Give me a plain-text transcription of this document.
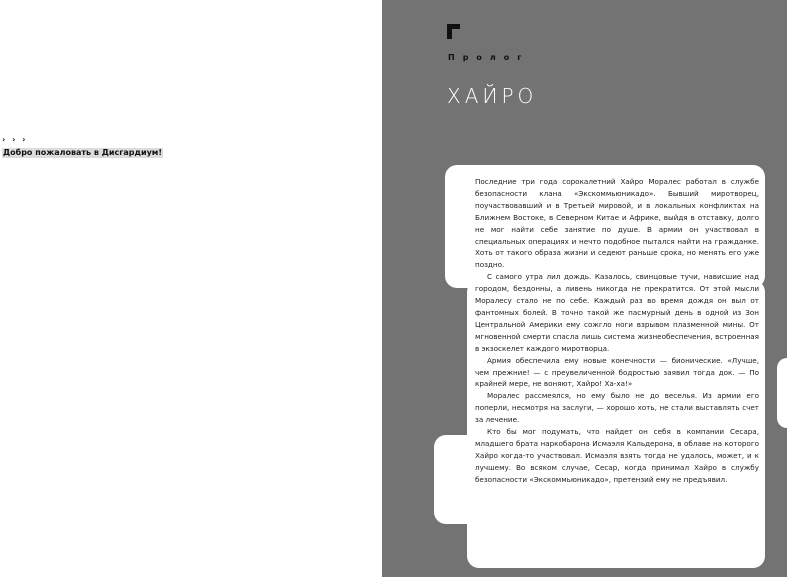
› › ›
Добро пожаловать в Дисгардиум!
Пролог
ХАЙРО

Последние три года сорокалетний Хайро Моралес работал в службе безопасности клана «Экскоммьюникадо». Бывший миротворец, поучаствовавший и в Третьей мировой, и в локальных конфликтах на Ближнем Востоке, в Северном Китае и Африке, выйдя в отставку, долго не мог найти себе занятие по душе. В армии он участвовал в специальных операциях и нечто подобное пытался найти на гражданке. Хоть от такого образа жизни и седеют раньше срока, но менять его уже поздно.

С самого утра лил дождь. Казалось, свинцовые тучи, нависшие над городом, бездонны, а ливень никогда не прекратится. От этой мысли Моралесу стало не по себе. Каждый раз во время дождя он выл от фантомных болей. В точно такой же пасмурный день в одной из Зон Центральной Америки ему сожгло ноги взрывом плазменной мины. От мгновенной смерти спасла лишь система жизнеобеспечения, встроенная в экзоскелет каждого миротворца.

Армия обеспечила ему новые конечности — бионические. «Лучше, чем прежние! — с преувеличенной бодростью заявил тогда док. — По крайней мере, не воняют, Хайро! Ха-ха!»

Моралес рассмеялся, но ему было не до веселья. Из армии его поперли, несмотря на заслуги, — хорошо хоть, не стали выставлять счет за лечение.

Кто бы мог подумать, что найдет он себя в компании Сесара, младшего брата наркобарона Исмаэля Кальдерона, в облаве на которого Хайро когда-то участвовал. Исмаэля взять тогда не удалось, может, и к лучшему. Во всяком случае, Сесар, когда принимал Хайро в службу безопасности «Экскоммьюникадо», претензий ему не предъявил.
